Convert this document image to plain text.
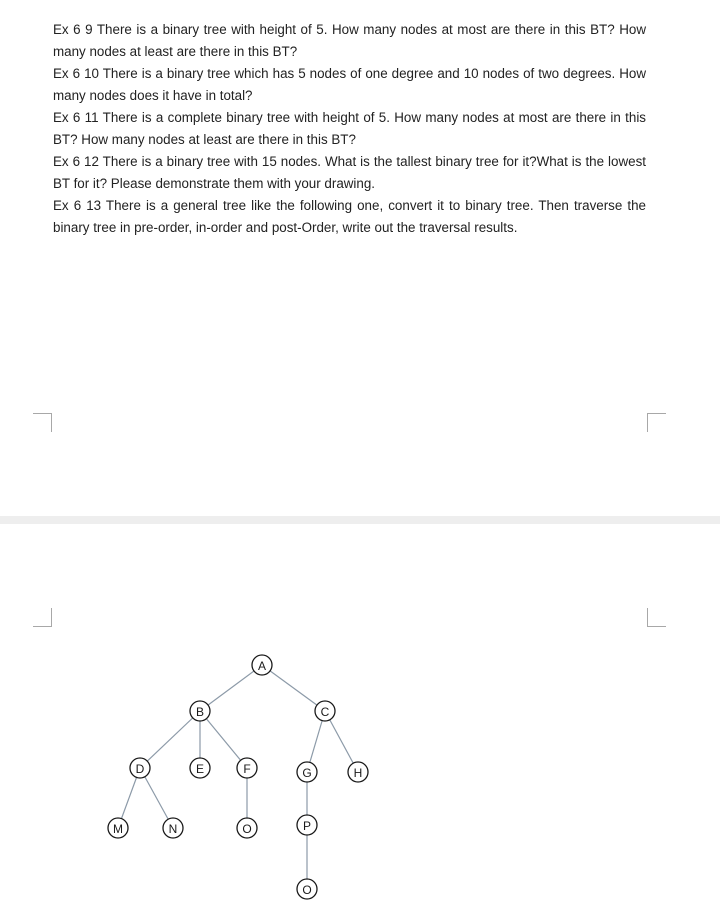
Ex 6 9 There is a binary tree with height of 5. How many nodes at most are there in this BT? How many nodes at least are there in this BT?

Ex 6 10 There is a binary tree which has 5 nodes of one degree and 10 nodes of two degrees. How many nodes does it have in total?

Ex 6 11 There is a complete binary tree with height of 5. How many nodes at most are there in this BT? How many nodes at least are there in this BT?

Ex 6 12 There is a binary tree with 15 nodes. What is the tallest binary tree for it?What is the lowest BT for it? Please demonstrate them with your drawing.

Ex 6 13 There is a general tree like the following one, convert it to binary tree. Then traverse the binary tree in pre-order, in-order and post-Order, write out the traversal results.

A
B	C
D	E	F	G	H
M	N	O	P
O
